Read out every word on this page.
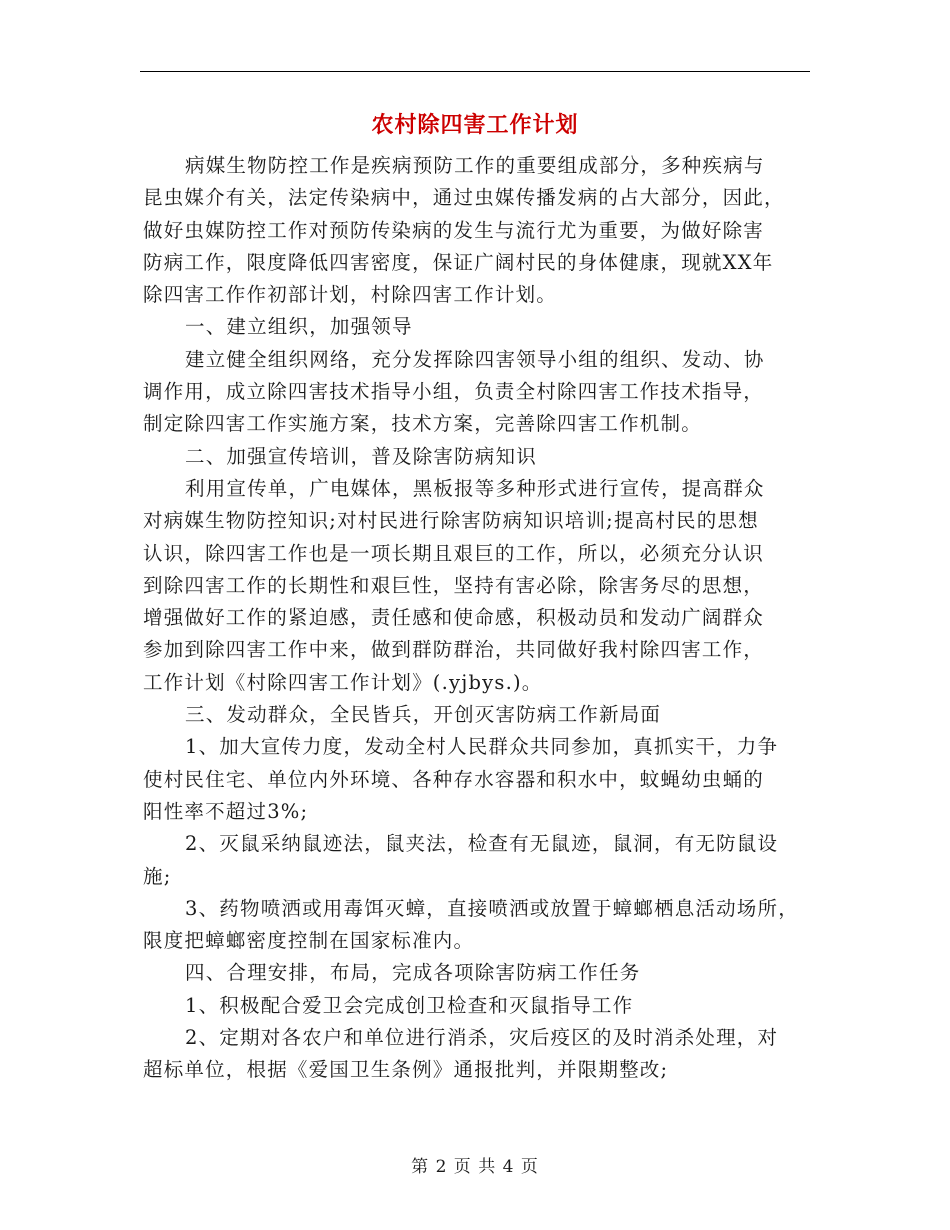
农村除四害工作计划

病媒生物防控工作是疾病预防工作的重要组成部分，多种疾病与
昆虫媒介有关，法定传染病中，通过虫媒传播发病的占大部分，因此，
做好虫媒防控工作对预防传染病的发生与流行尤为重要，为做好除害
防病工作，限度降低四害密度，保证广阔村民的身体健康，现就XX年
除四害工作作初部计划，村除四害工作计划。

一、建立组织，加强领导

建立健全组织网络，充分发挥除四害领导小组的组织、发动、协
调作用，成立除四害技术指导小组，负责全村除四害工作技术指导，
制定除四害工作实施方案，技术方案，完善除四害工作机制。

二、加强宣传培训，普及除害防病知识

利用宣传单，广电媒体，黑板报等多种形式进行宣传，提高群众
对病媒生物防控知识;对村民进行除害防病知识培训;提高村民的思想
认识，除四害工作也是一项长期且艰巨的工作，所以，必须充分认识
到除四害工作的长期性和艰巨性，坚持有害必除，除害务尽的思想，
增强做好工作的紧迫感，责任感和使命感，积极动员和发动广阔群众
参加到除四害工作中来，做到群防群治，共同做好我村除四害工作，
工作计划《村除四害工作计划》(.yjbys.)。

三、发动群众，全民皆兵，开创灭害防病工作新局面

1、加大宣传力度，发动全村人民群众共同参加，真抓实干，力争
使村民住宅、单位内外环境、各种存水容器和积水中，蚊蝇幼虫蛹的
阳性率不超过3%;

2、灭鼠采纳鼠迹法，鼠夹法，检查有无鼠迹，鼠洞，有无防鼠设
施;

3、药物喷洒或用毒饵灭蟑，直接喷洒或放置于蟑螂栖息活动场所，
限度把蟑螂密度控制在国家标准内。

四、合理安排，布局，完成各项除害防病工作任务

1、积极配合爱卫会完成创卫检查和灭鼠指导工作

2、定期对各农户和单位进行消杀，灾后疫区的及时消杀处理，对
超标单位，根据《爱国卫生条例》通报批判，并限期整改;

第 2 页 共 4 页
